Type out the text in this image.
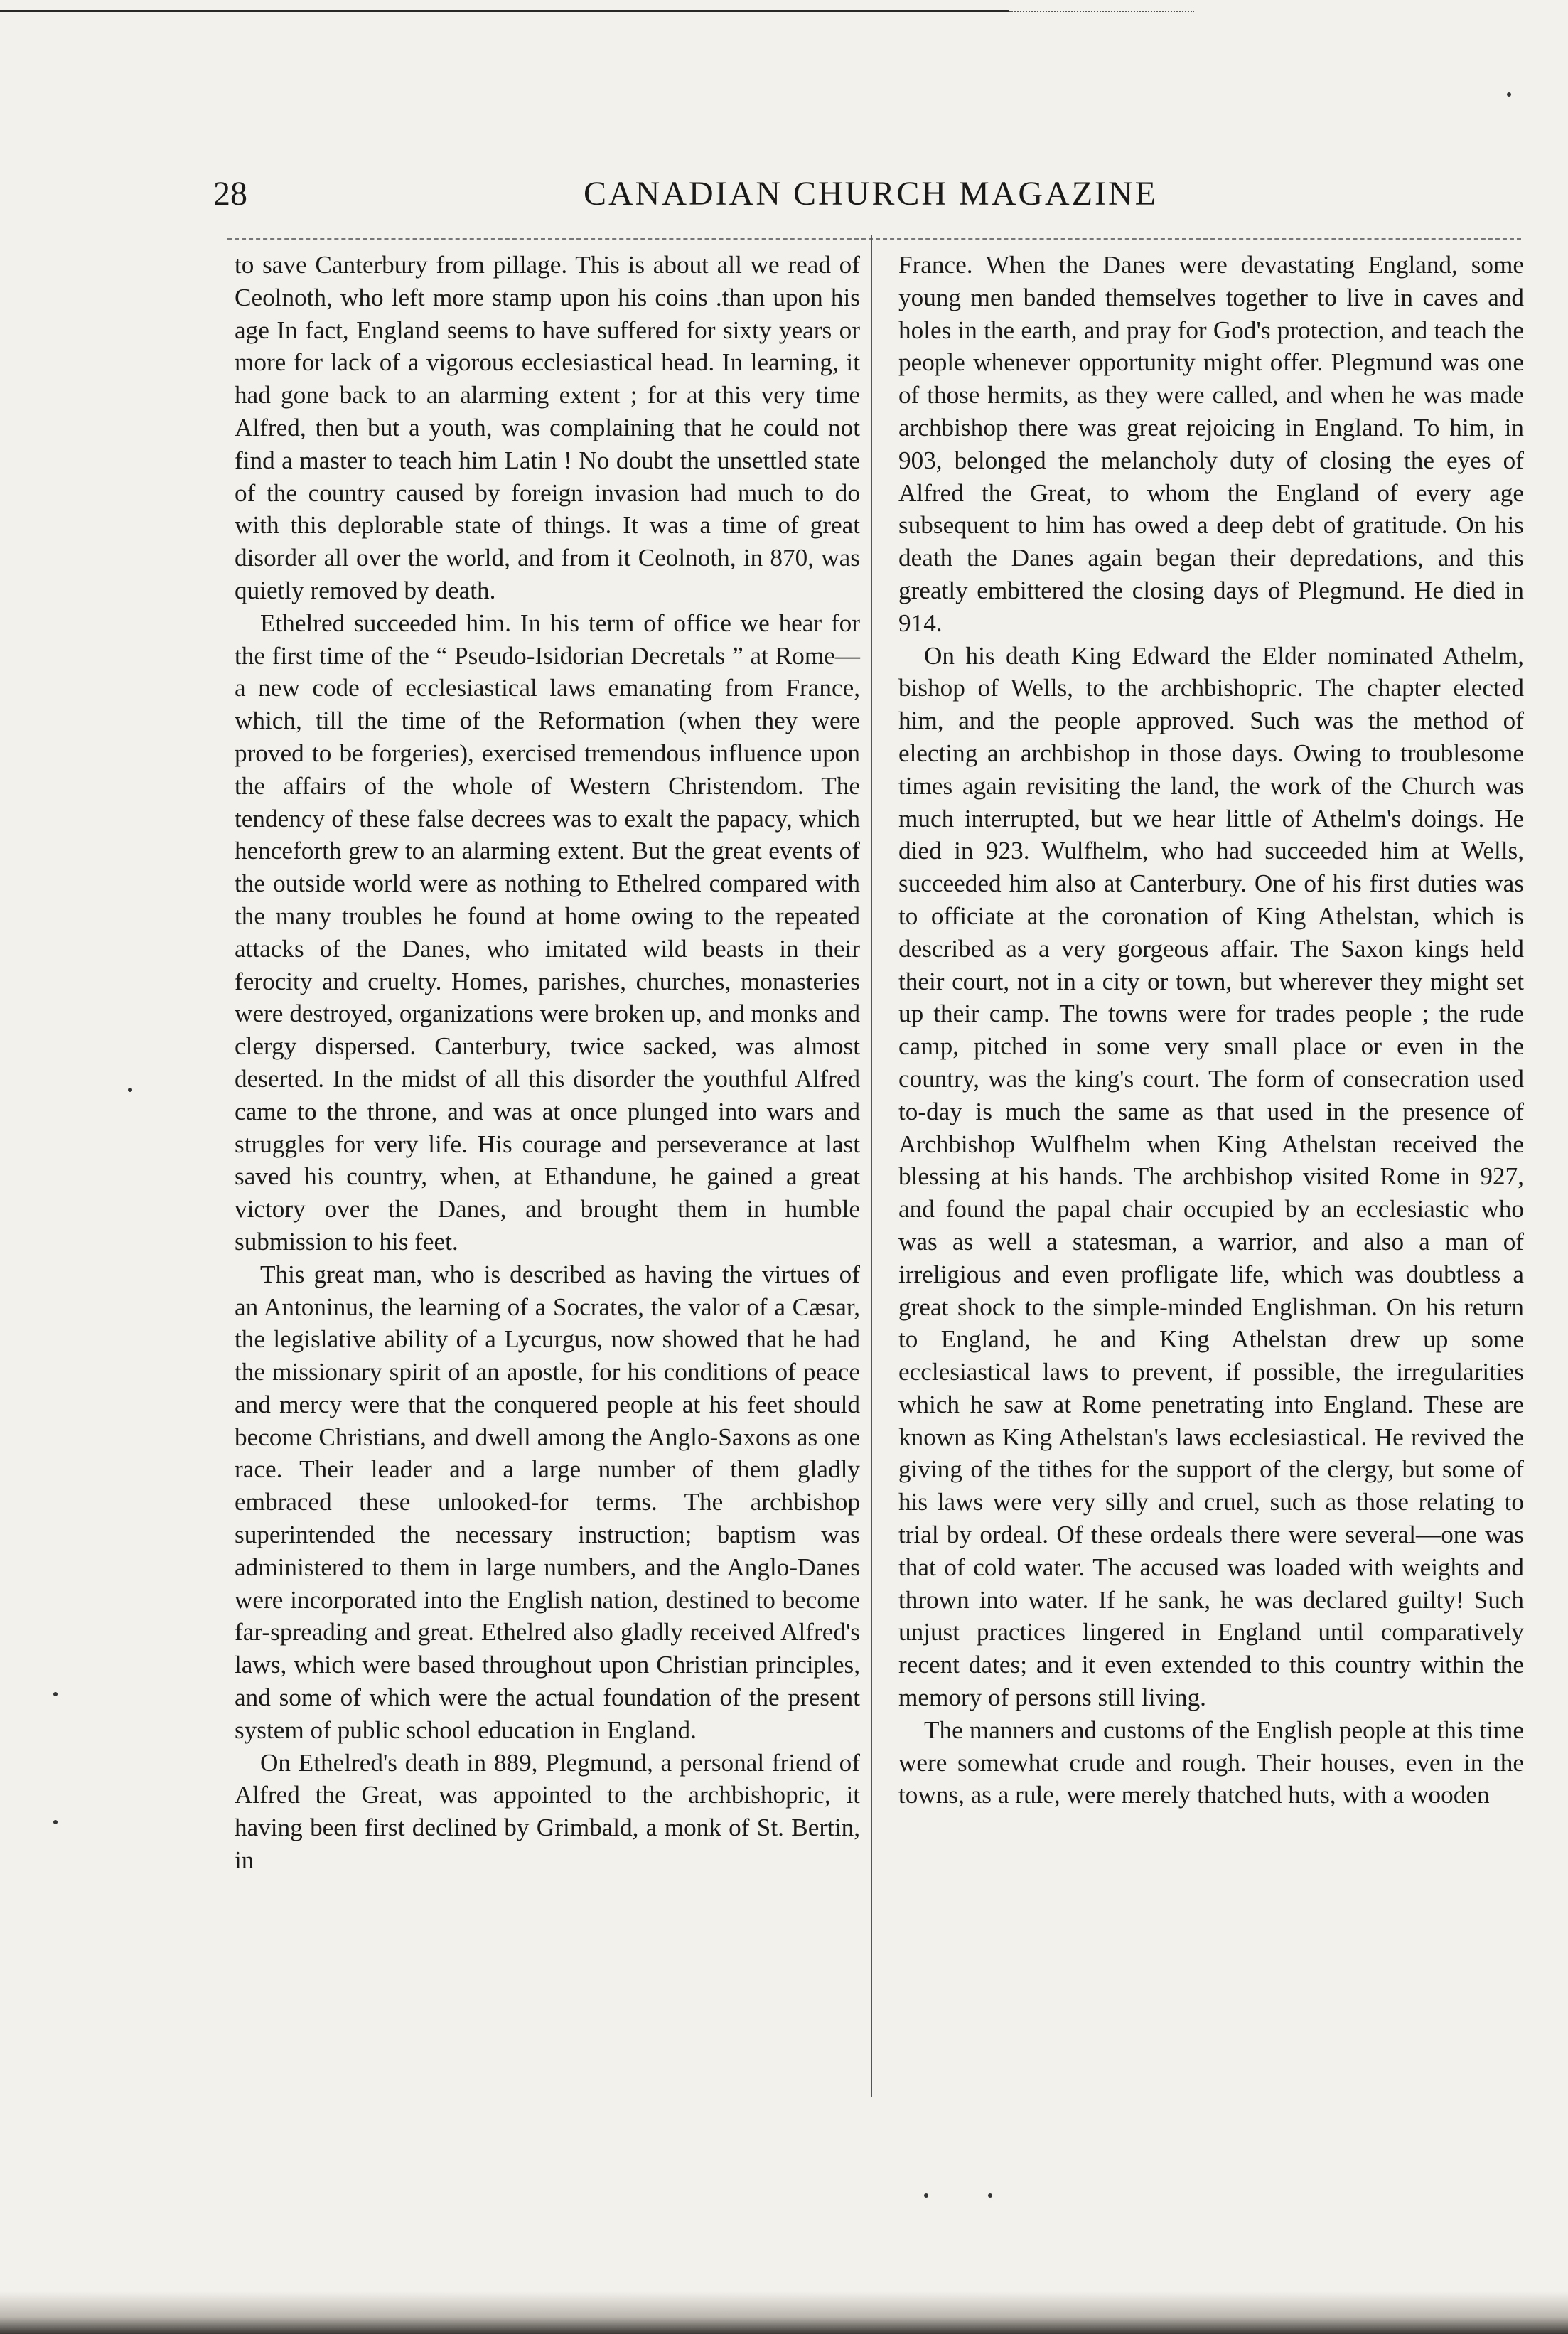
28	CANADIAN CHURCH MAGAZINE

to save Canterbury from pillage. This is about all we read of Ceolnoth, who left more stamp upon his coins .than upon his age In fact, England seems to have suffered for sixty years or more for lack of a vigorous ecclesiastical head. In learning, it had gone back to an alarming extent ; for at this very time Alfred, then but a youth, was complaining that he could not find a master to teach him Latin ! No doubt the unsettled state of the country caused by foreign invasion had much to do with this deplorable state of things. It was a time of great disorder all over the world, and from it Ceolnoth, in 870, was quietly removed by death.

Ethelred succeeded him. In his term of office we hear for the first time of the “ Pseudo-Isidorian Decretals ” at Rome—a new code of ecclesiastical laws emanating from France, which, till the time of the Reformation (when they were proved to be forgeries), exercised tremendous influence upon the affairs of the whole of Western Christendom. The tendency of these false decrees was to exalt the papacy, which henceforth grew to an alarming extent. But the great events of the outside world were as nothing to Ethelred compared with the many troubles he found at home owing to the repeated attacks of the Danes, who imitated wild beasts in their ferocity and cruelty. Homes, parishes, churches, monasteries were destroyed, organizations were broken up, and monks and clergy dispersed. Canterbury, twice sacked, was almost deserted. In the midst of all this disorder the youthful Alfred came to the throne, and was at once plunged into wars and struggles for very life. His courage and perseverance at last saved his country, when, at Ethandune, he gained a great victory over the Danes, and brought them in humble submission to his feet.

This great man, who is described as having the virtues of an Antoninus, the learning of a Socrates, the valor of a Cæsar, the legislative ability of a Lycurgus, now showed that he had the missionary spirit of an apostle, for his conditions of peace and mercy were that the conquered people at his feet should become Christians, and dwell among the Anglo-Saxons as one race. Their leader and a large number of them gladly embraced these unlooked-for terms. The archbishop superintended the necessary instruction; baptism was administered to them in large numbers, and the Anglo-Danes were incorporated into the English nation, destined to become far-spreading and great. Ethelred also gladly received Alfred's laws, which were based throughout upon Christian principles, and some of which were the actual foundation of the present system of public school education in England.

On Ethelred's death in 889, Plegmund, a personal friend of Alfred the Great, was appointed to the archbishopric, it having been first declined by Grimbald, a monk of St. Bertin, in

France. When the Danes were devastating England, some young men banded themselves together to live in caves and holes in the earth, and pray for God's protection, and teach the people whenever opportunity might offer. Plegmund was one of those hermits, as they were called, and when he was made archbishop there was great rejoicing in England. To him, in 903, belonged the melancholy duty of closing the eyes of Alfred the Great, to whom the England of every age subsequent to him has owed a deep debt of gratitude. On his death the Danes again began their depredations, and this greatly embittered the closing days of Plegmund. He died in 914.

On his death King Edward the Elder nominated Athelm, bishop of Wells, to the archbishopric. The chapter elected him, and the people approved. Such was the method of electing an archbishop in those days. Owing to troublesome times again revisiting the land, the work of the Church was much interrupted, but we hear little of Athelm's doings. He died in 923. Wulfhelm, who had succeeded him at Wells, succeeded him also at Canterbury. One of his first duties was to officiate at the coronation of King Athelstan, which is described as a very gorgeous affair. The Saxon kings held their court, not in a city or town, but wherever they might set up their camp. The towns were for trades people ; the rude camp, pitched in some very small place or even in the country, was the king's court. The form of consecration used to-day is much the same as that used in the presence of Archbishop Wulfhelm when King Athelstan received the blessing at his hands. The archbishop visited Rome in 927, and found the papal chair occupied by an ecclesiastic who was as well a statesman, a warrior, and also a man of irreligious and even profligate life, which was doubtless a great shock to the simple-minded Englishman. On his return to England, he and King Athelstan drew up some ecclesiastical laws to prevent, if possible, the irregularities which he saw at Rome penetrating into England. These are known as King Athelstan's laws ecclesiastical. He revived the giving of the tithes for the support of the clergy, but some of his laws were very silly and cruel, such as those relating to trial by ordeal. Of these ordeals there were several—one was that of cold water. The accused was loaded with weights and thrown into water. If he sank, he was declared guilty! Such unjust practices lingered in England until comparatively recent dates; and it even extended to this country within the memory of persons still living.

The manners and customs of the English people at this time were somewhat crude and rough. Their houses, even in the towns, as a rule, were merely thatched huts, with a wooden
